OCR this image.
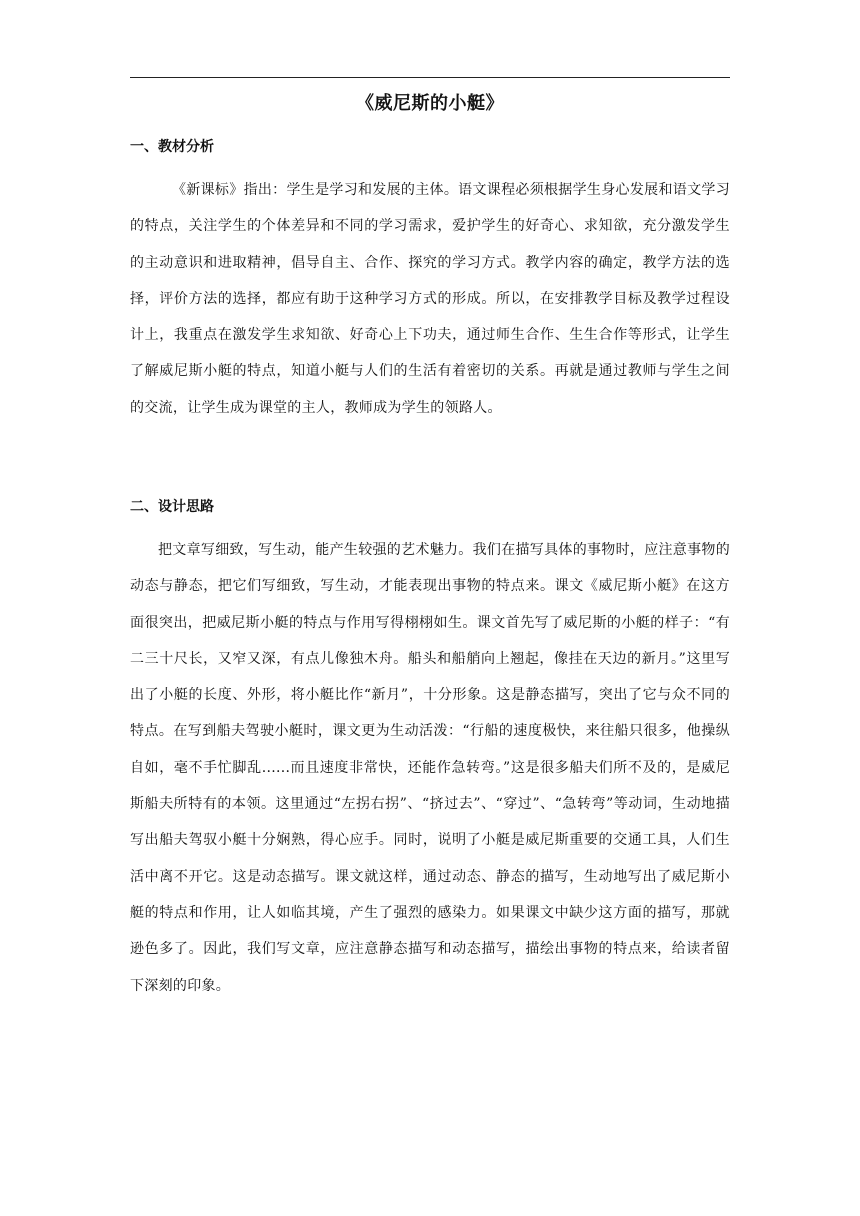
《威尼斯的小艇》
一、教材分析

《新课标》指出：学生是学习和发展的主体。语文课程必须根据学生身心发展和语文学习的特点，关注学生的个体差异和不同的学习需求，爱护学生的好奇心、求知欲，充分激发学生的主动意识和进取精神，倡导自主、合作、探究的学习方式。教学内容的确定，教学方法的选择，评价方法的选择，都应有助于这种学习方式的形成。所以，在安排教学目标及教学过程设计上，我重点在激发学生求知欲、好奇心上下功夫，通过师生合作、生生合作等形式，让学生了解威尼斯小艇的特点，知道小艇与人们的生活有着密切的关系。再就是通过教师与学生之间的交流，让学生成为课堂的主人，教师成为学生的领路人。

二、设计思路

把文章写细致，写生动，能产生较强的艺术魅力。我们在描写具体的事物时，应注意事物的动态与静态，把它们写细致，写生动，才能表现出事物的特点来。课文《威尼斯小艇》在这方面很突出，把威尼斯小艇的特点与作用写得栩栩如生。课文首先写了威尼斯的小艇的样子：“有二三十尺长，又窄又深，有点儿像独木舟。船头和船艄向上翘起，像挂在天边的新月。”这里写出了小艇的长度、外形，将小艇比作“新月”，十分形象。这是静态描写，突出了它与众不同的特点。在写到船夫驾驶小艇时，课文更为生动活泼：“行船的速度极快，来往船只很多，他操纵自如，毫不手忙脚乱......而且速度非常快，还能作急转弯。”这是很多船夫们所不及的，是威尼斯船夫所特有的本领。这里通过“左拐右拐”、“挤过去”、“穿过”、“急转弯”等动词，生动地描写出船夫驾驭小艇十分娴熟，得心应手。同时，说明了小艇是威尼斯重要的交通工具，人们生活中离不开它。这是动态描写。课文就这样，通过动态、静态的描写，生动地写出了威尼斯小艇的特点和作用，让人如临其境，产生了强烈的感染力。如果课文中缺少这方面的描写，那就逊色多了。因此，我们写文章，应注意静态描写和动态描写，描绘出事物的特点来，给读者留下深刻的印象。
